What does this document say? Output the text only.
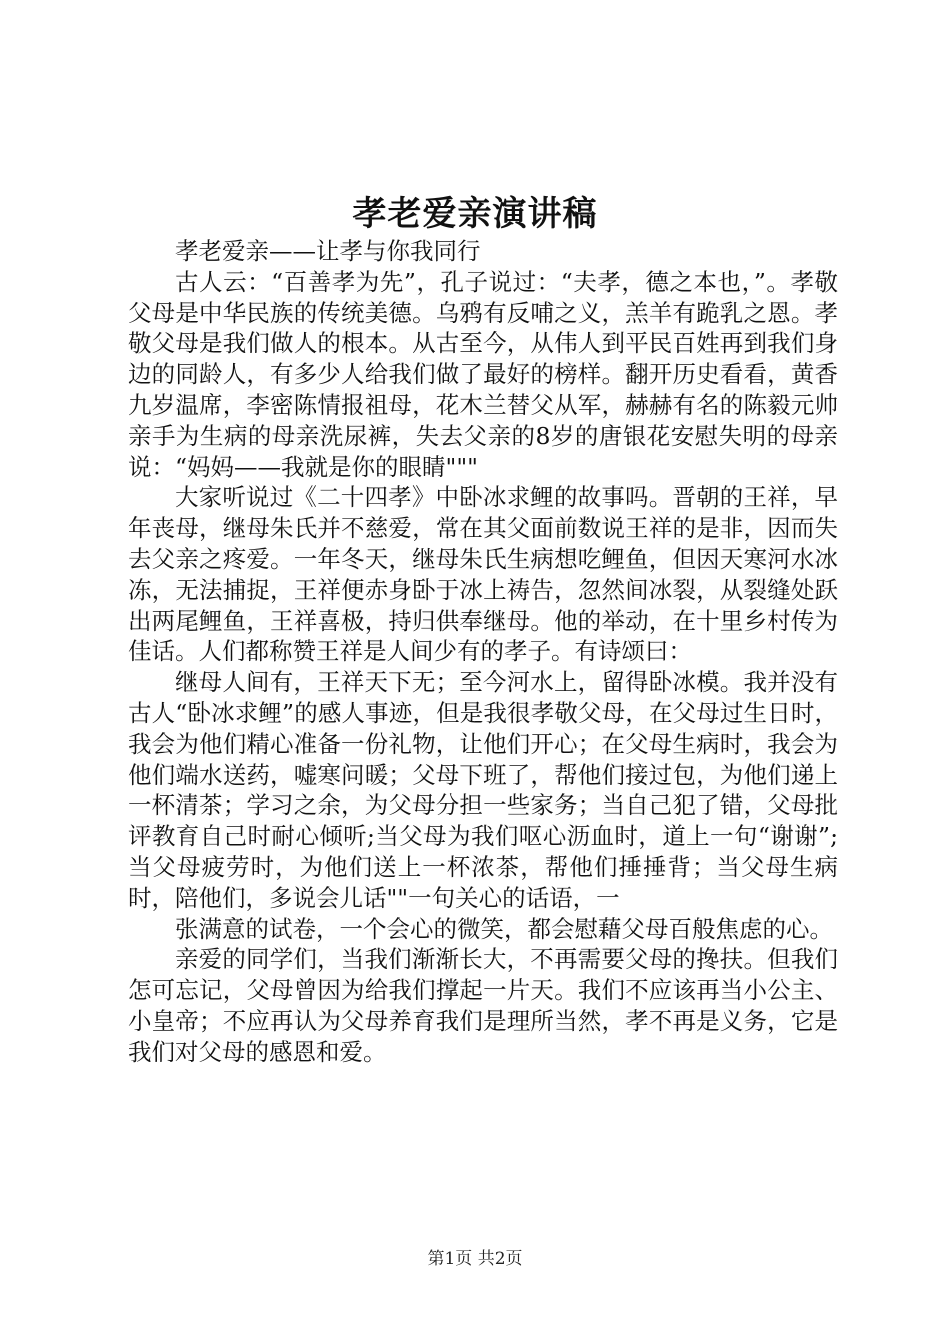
孝老爱亲演讲稿

孝老爱亲——让孝与你我同行

古人云：“百善孝为先”，孔子说过：“夫孝，德之本也，”。孝敬父母是中华民族的传统美德。乌鸦有反哺之义，羔羊有跪乳之恩。孝敬父母是我们做人的根本。从古至今，从伟人到平民百姓再到我们身边的同龄人，有多少人给我们做了最好的榜样。翻开历史看看，黄香九岁温席，李密陈情报祖母，花木兰替父从军，赫赫有名的陈毅元帅亲手为生病的母亲洗尿裤，失去父亲的8岁的唐银花安慰失明的母亲说：“妈妈——我就是你的眼睛"""

大家听说过《二十四孝》中卧冰求鲤的故事吗。晋朝的王祥，早年丧母，继母朱氏并不慈爱，常在其父面前数说王祥的是非，因而失去父亲之疼爱。一年冬天，继母朱氏生病想吃鲤鱼，但因天寒河水冰冻，无法捕捉，王祥便赤身卧于冰上祷告，忽然间冰裂，从裂缝处跃出两尾鲤鱼，王祥喜极，持归供奉继母。他的举动，在十里乡村传为佳话。人们都称赞王祥是人间少有的孝子。有诗颂曰：

继母人间有，王祥天下无；至今河水上，留得卧冰模。我并没有古人“卧冰求鲤”的感人事迹，但是我很孝敬父母，在父母过生日时，我会为他们精心准备一份礼物，让他们开心；在父母生病时，我会为他们端水送药，嘘寒问暖；父母下班了，帮他们接过包，为他们递上一杯清茶；学习之余，为父母分担一些家务；当自己犯了错，父母批评教育自己时耐心倾听;当父母为我们呕心沥血时，道上一句“谢谢”;当父母疲劳时，为他们送上一杯浓茶，帮他们捶捶背；当父母生病时，陪他们，多说会儿话""一句关心的话语，一

张满意的试卷，一个会心的微笑，都会慰藉父母百般焦虑的心。

亲爱的同学们，当我们渐渐长大，不再需要父母的搀扶。但我们怎可忘记，父母曾因为给我们撑起一片天。我们不应该再当小公主、小皇帝；不应再认为父母养育我们是理所当然，孝不再是义务，它是我们对父母的感恩和爱。

第1页 共2页
